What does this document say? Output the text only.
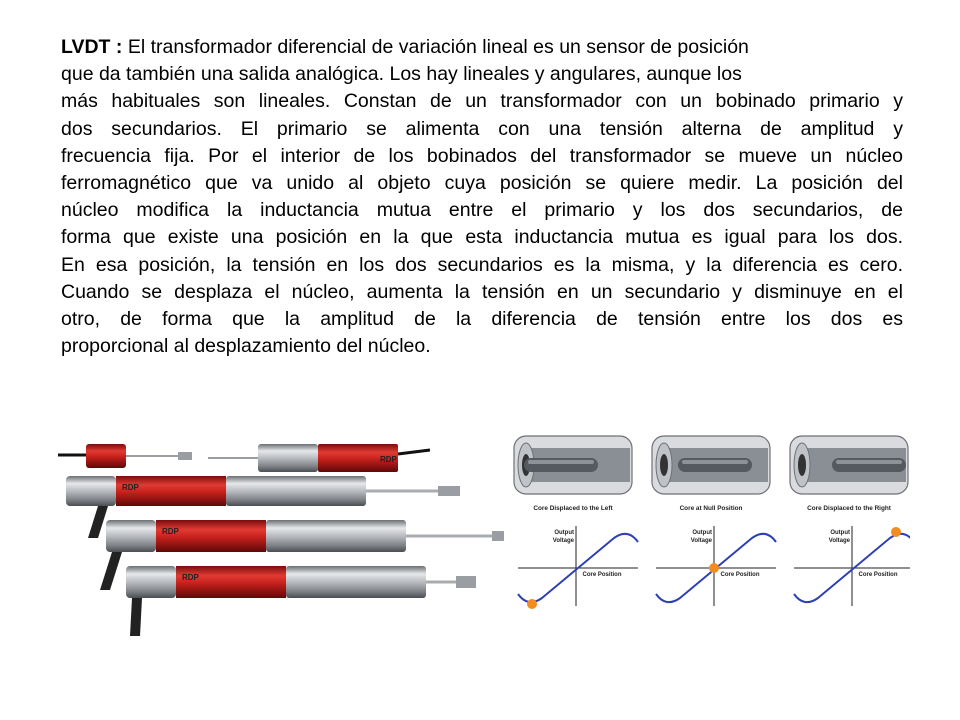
LVDT : El transformador diferencial de variación lineal es un sensor de posición
que da también una salida analógica. Los hay lineales y angulares, aunque los
más habituales son lineales. Constan de un transformador con un bobinado primario y
dos secundarios. El primario se alimenta con una tensión alterna de amplitud y
frecuencia fija. Por el interior de los bobinados del transformador se mueve un núcleo
ferromagnético que va unido al objeto cuya posición se quiere medir. La posición del
núcleo modifica la inductancia mutua entre el primario y los dos secundarios, de
forma que existe una posición en la que esta inductancia mutua es igual para los dos.
En esa posición, la tensión en los dos secundarios es la misma, y la diferencia es cero.
Cuando se desplaza el núcleo, aumenta la tensión en un secundario y disminuye en el
otro, de forma que la amplitud de la diferencia de tensión entre los dos es
proporcional al desplazamiento del núcleo.
RDP
RDP
RDP
RDP
Core Displaced to the Left
Output
Voltage
Core Position
Core at Null Position
Output
Voltage
Core Position
Core Displaced to the Right
Output
Voltage
Core Position
